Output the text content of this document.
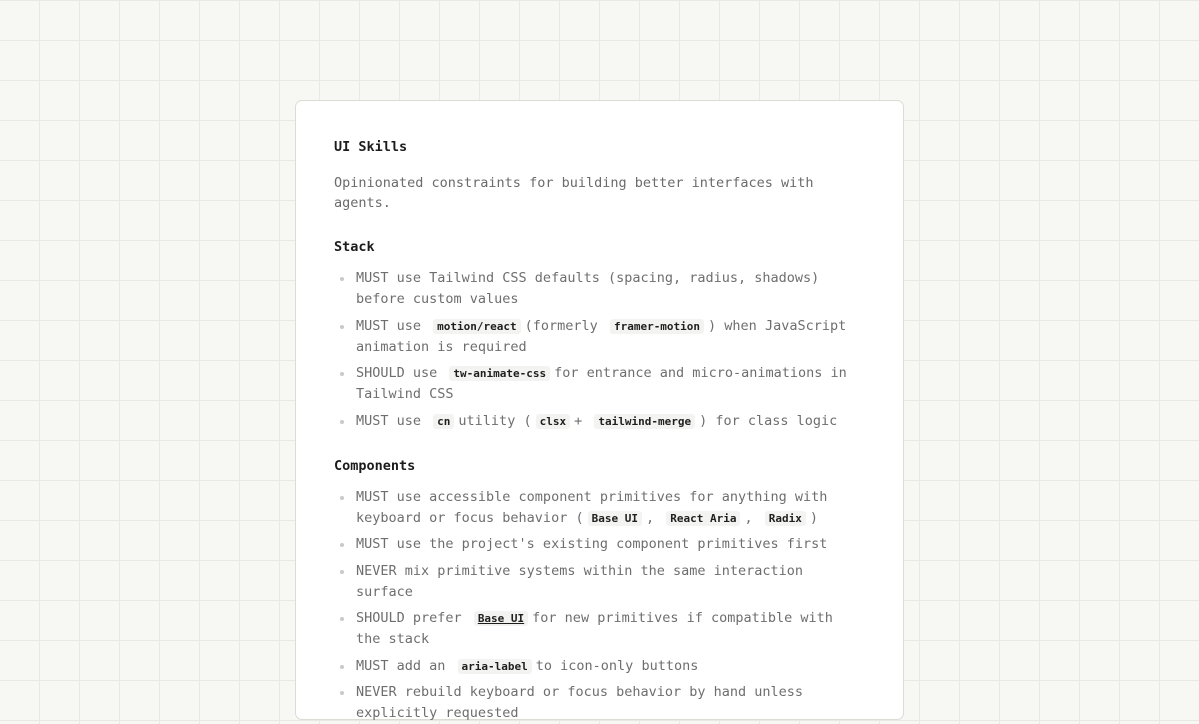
UI Skills

Opinionated constraints for building better interfaces with agents.

Stack
MUST use Tailwind CSS defaults (spacing, radius, shadows) before custom values
MUST use motion/react (formerly framer-motion ) when JavaScript animation is required
SHOULD use tw-animate-css for entrance and micro-animations in Tailwind CSS
MUST use cn utility ( clsx + tailwind-merge ) for class logic
Components
MUST use accessible component primitives for anything with keyboard or focus behavior ( Base UI , React Aria , Radix )
MUST use the project's existing component primitives first
NEVER mix primitive systems within the same interaction surface
SHOULD prefer Base UI for new primitives if compatible with the stack
MUST add an aria-label to icon-only buttons
NEVER rebuild keyboard or focus behavior by hand unless explicitly requested
